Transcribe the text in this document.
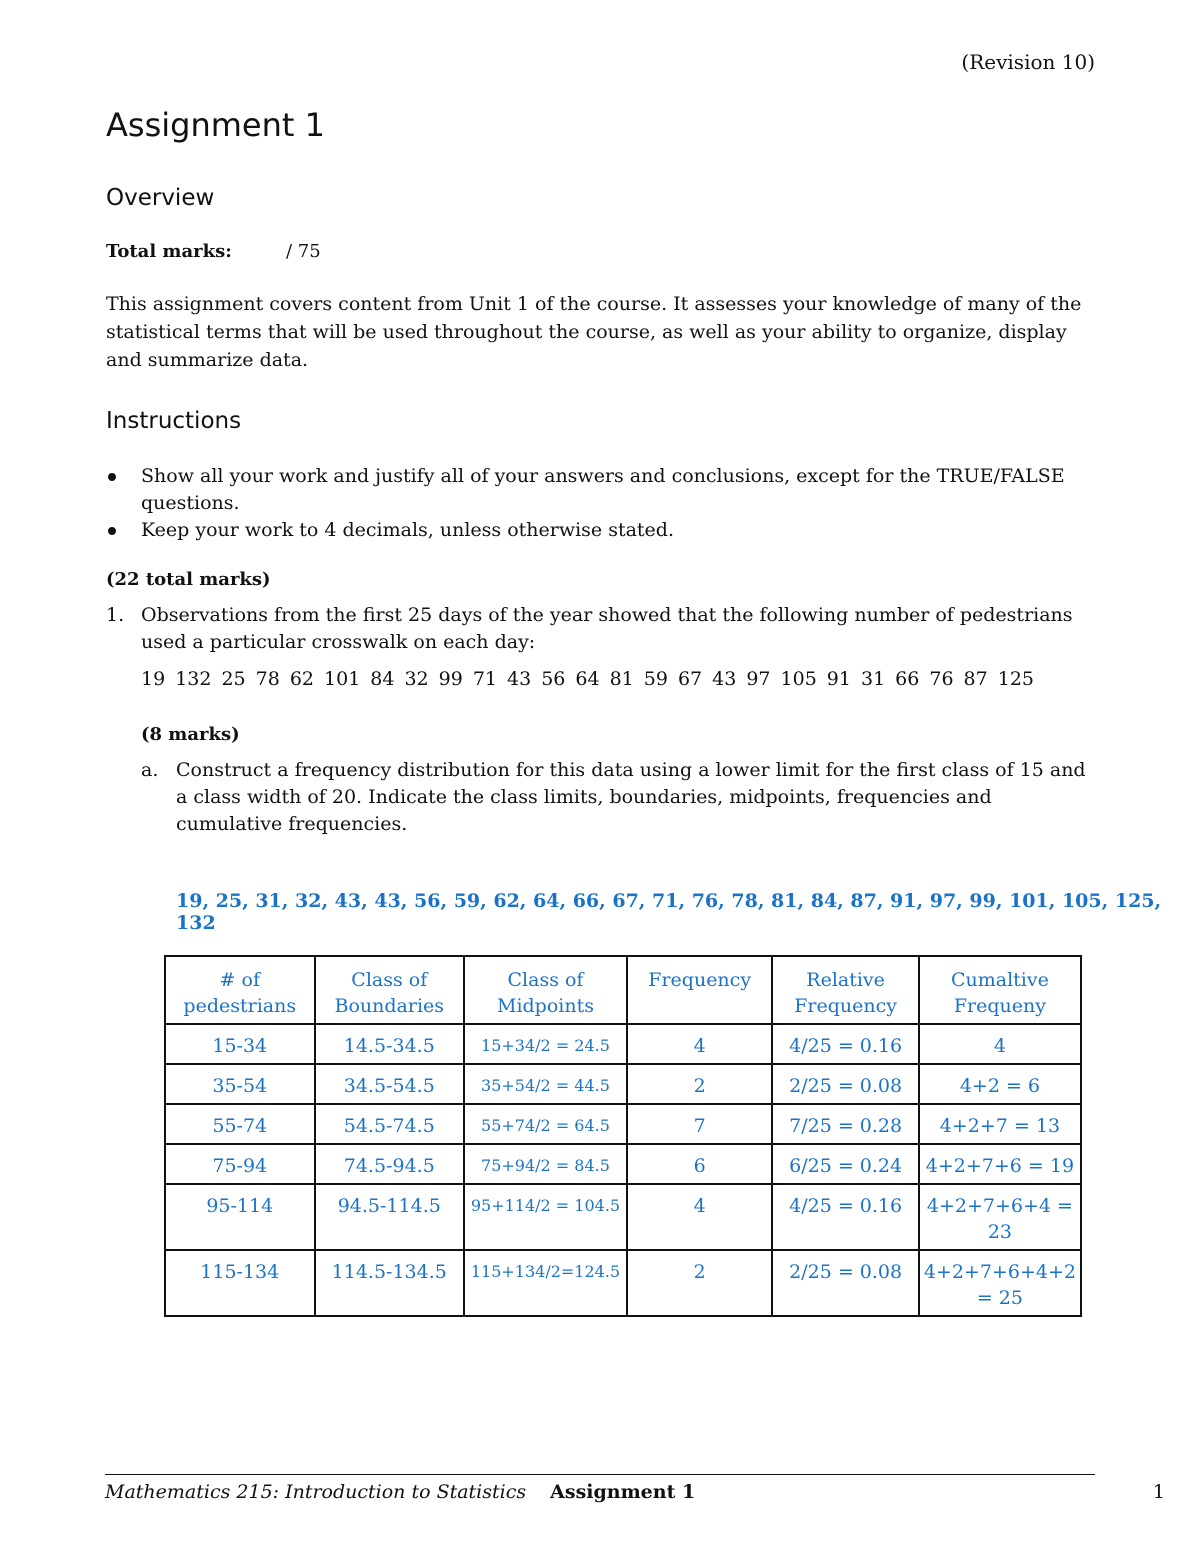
(Revision 10)
Assignment 1
Overview
Total marks:	/ 75
This assignment covers content from Unit 1 of the course. It assesses your knowledge of many of the statistical terms that will be used throughout the course, as well as your ability to organize, display and summarize data.
Instructions
Show all your work and justify all of your answers and conclusions, except for the TRUE/FALSE questions.
Keep your work to 4 decimals, unless otherwise stated.
(22 total marks)
1. Observations from the first 25 days of the year showed that the following number of pedestrians used a particular crosswalk on each day:
19 132 25 78 62 101 84 32 99 71 43 56 64 81 59 67 43 97 105 91 31 66 76 87 125
(8 marks)
a. Construct a frequency distribution for this data using a lower limit for the first class of 15 and a class width of 20. Indicate the class limits, boundaries, midpoints, frequencies and cumulative frequencies.
19, 25, 31, 32, 43, 43, 56, 59, 62, 64, 66, 67, 71, 76, 78, 81, 84, 87, 91, 97, 99, 101, 105, 125, 132
# of pedestrians	Class of Boundaries	Class of Midpoints	Frequency	Relative Frequency	Cumaltive Frequeny
15-34	14.5-34.5	15+34/2 = 24.5	4	4/25 = 0.16	4
35-54	34.5-54.5	35+54/2 = 44.5	2	2/25 = 0.08	4+2 = 6
55-74	54.5-74.5	55+74/2 = 64.5	7	7/25 = 0.28	4+2+7 = 13
75-94	74.5-94.5	75+94/2 = 84.5	6	6/25 = 0.24	4+2+7+6 = 19
95-114	94.5-114.5	95+114/2 = 104.5	4	4/25 = 0.16	4+2+7+6+4 = 23
115-134	114.5-134.5	115+134/2=124.5	2	2/25 = 0.08	4+2+7+6+4+2 = 25
Mathematics 215: Introduction to Statistics Assignment 1	1
